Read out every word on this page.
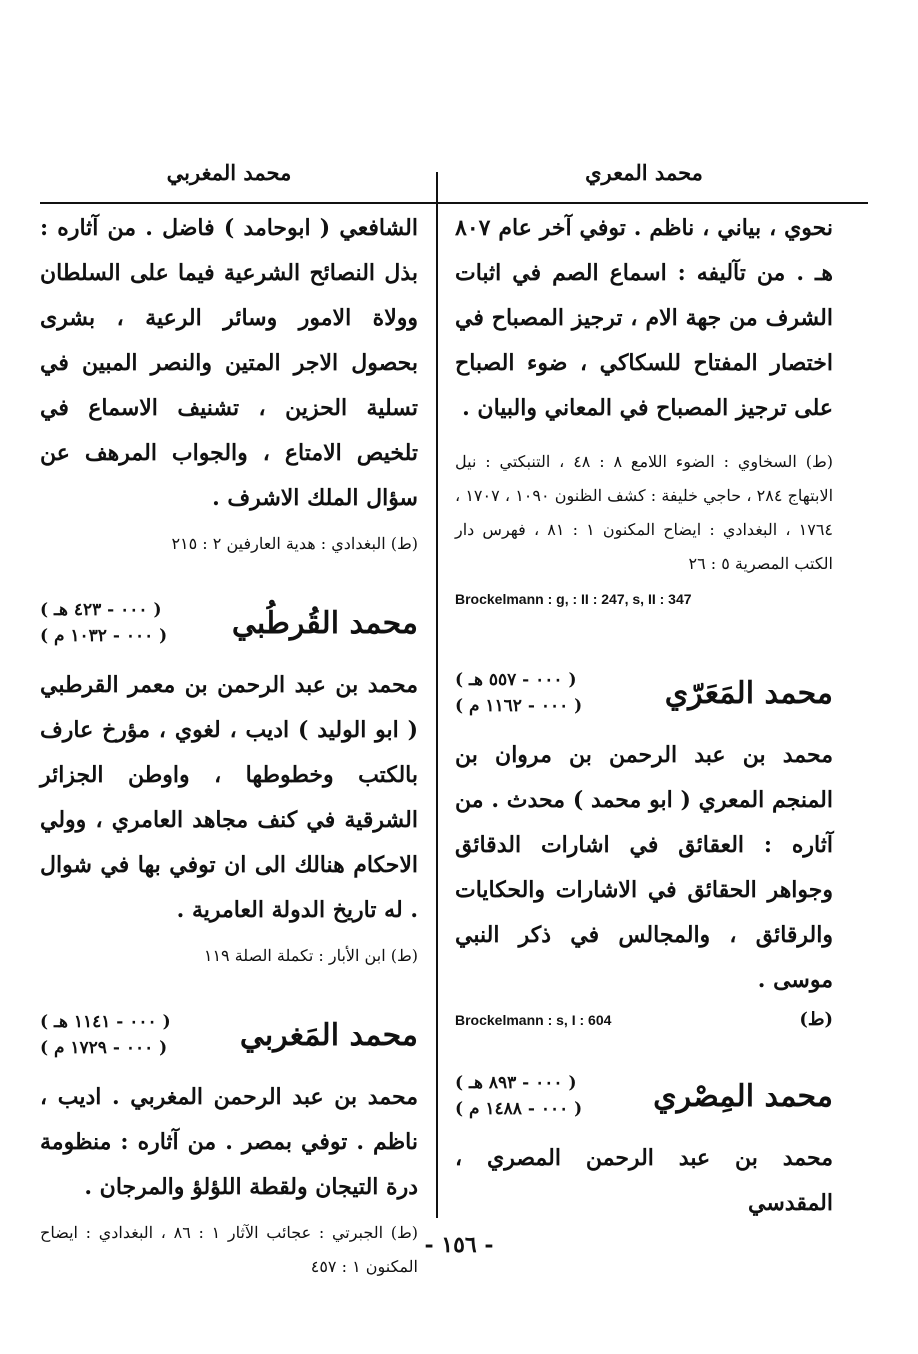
محمد المعري

نحوي ، بياني ، ناظم . توفي آخر عام ٨٠٧ هـ . من تآليفه : اسماع الصم في اثبات الشرف من جهة الام ، ترجيز المصباح في اختصار المفتاح للسكاكي ، ضوء الصباح على ترجيز المصباح في المعاني والبيان .

(ط) السخاوي : الضوء اللامع ٨ : ٤٨ ، التنبكتي : نيل الابتهاج ٢٨٤ ، حاجي خليفة : كشف الظنون ١٠٩٠ ، ١٧٠٧ ، ١٧٦٤ ، البغدادي : ايضاح المكنون ١ : ٨١ ، فهرس دار الكتب المصرية ٥ : ٢٦

Brockelmann : g, : II : 247, s, II : 347

محمد المَعَرّي
( ٠٠٠ - ٥٥٧ هـ )
( ٠٠٠ - ١١٦٢ م )

محمد بن عبد الرحمن بن مروان بن المنجم المعري ( ابو محمد ) محدث . من آثاره : العقائق في اشارات الدقائق وجواهر الحقائق في الاشارات والحكايات والرقائق ، والمجالس في ذكر النبي موسى .

(ط)
Brockelmann : s, I : 604
محمد المِصْري
( ٠٠٠ - ٨٩٣ هـ )
( ٠٠٠ - ١٤٨٨ م )

محمد بن عبد الرحمن المصري ، المقدسي

محمد المغربي

الشافعي ( ابوحامد ) فاضل . من آثاره : بذل النصائح الشرعية فيما على السلطان وولاة الامور وسائر الرعية ، بشرى بحصول الاجر المتين والنصر المبين في تسلية الحزين ، تشنيف الاسماع في تلخيص الامتاع ، والجواب المرهف عن سؤال الملك الاشرف .

(ط) البغدادي : هدية العارفين ٢ : ٢١٥

محمد القُرطُبي
( ٠٠٠ - ٤٢٣ هـ )
( ٠٠٠ - ١٠٣٢ م )

محمد بن عبد الرحمن بن معمر القرطبي ( ابو الوليد ) اديب ، لغوي ، مؤرخ عارف بالكتب وخطوطها ، واوطن الجزائر الشرقية في كنف مجاهد العامري ، وولي الاحكام هنالك الى ان توفي بها في شوال . له تاريخ الدولة العامرية .

(ط) ابن الأبار : تكملة الصلة ١١٩

محمد المَغربي
( ٠٠٠ - ١١٤١ هـ )
( ٠٠٠ - ١٧٢٩ م )

محمد بن عبد الرحمن المغربي . اديب ، ناظم . توفي بمصر . من آثاره : منظومة درة التيجان ولقطة اللؤلؤ والمرجان .

(ط) الجبرتي : عجائب الآثار ١ : ٨٦ ، البغدادي : ايضاح المكنون ١ : ٤٥٧

- ١٥٦ -
